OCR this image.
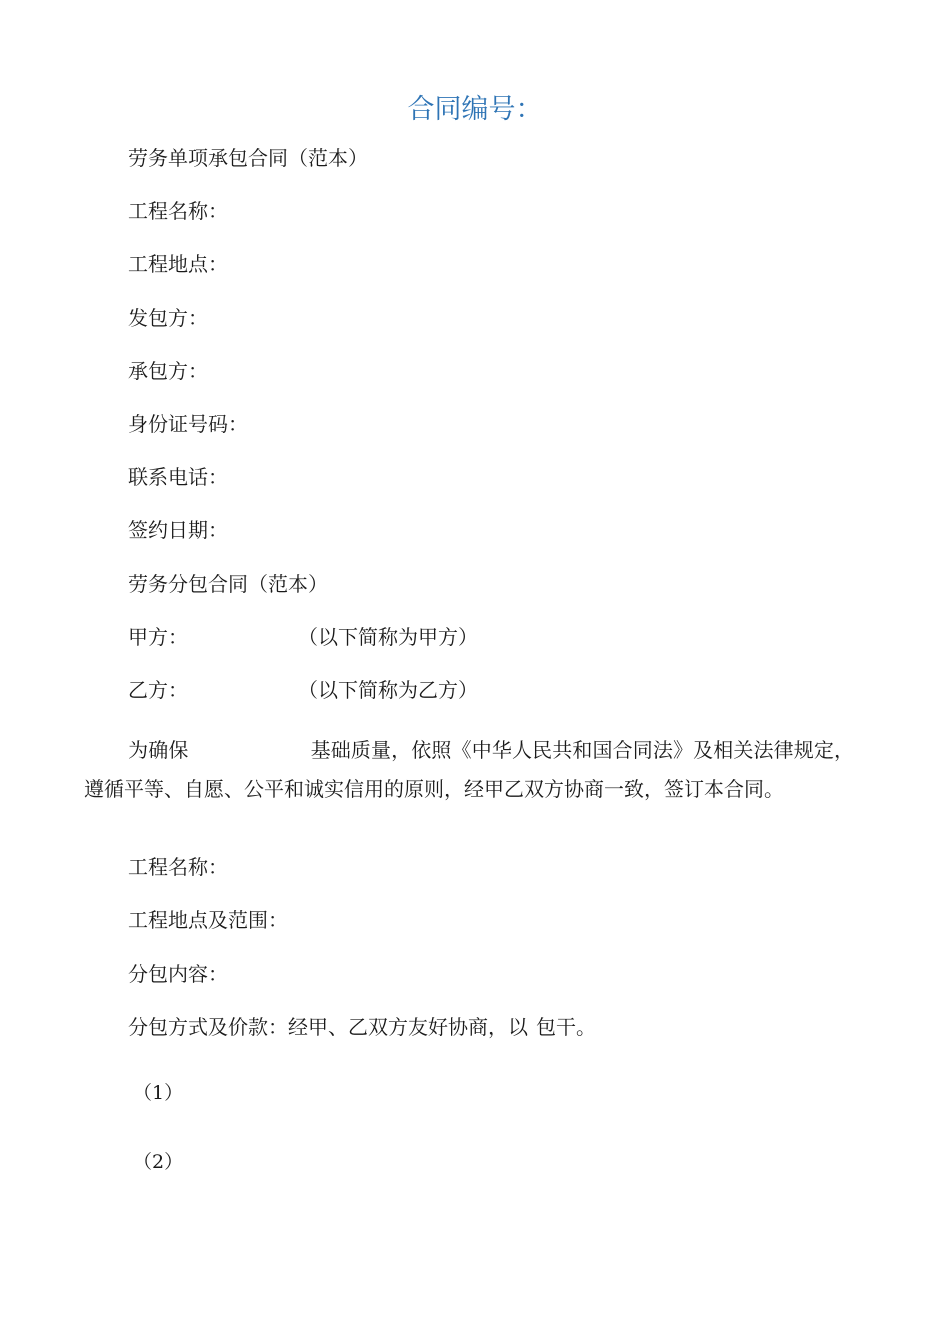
合同编号：

劳务单项承包合同（范本）

工程名称：

工程地点：

发包方：

承包方：

身份证号码：

联系电话：

签约日期：

劳务分包合同（范本）

甲方：	（以下简称为甲方）

乙方：	（以下简称为乙方）

为确保	基础质量，依照《中华人民共和国合同法》及相关法律规定，遵循平等、自愿、公平和诚实信用的原则，经甲乙双方协商一致，签订本合同。

工程名称：

工程地点及范围：

分包内容：

分包方式及价款：经甲、乙双方友好协商，以 包干。

（1）

（2）
